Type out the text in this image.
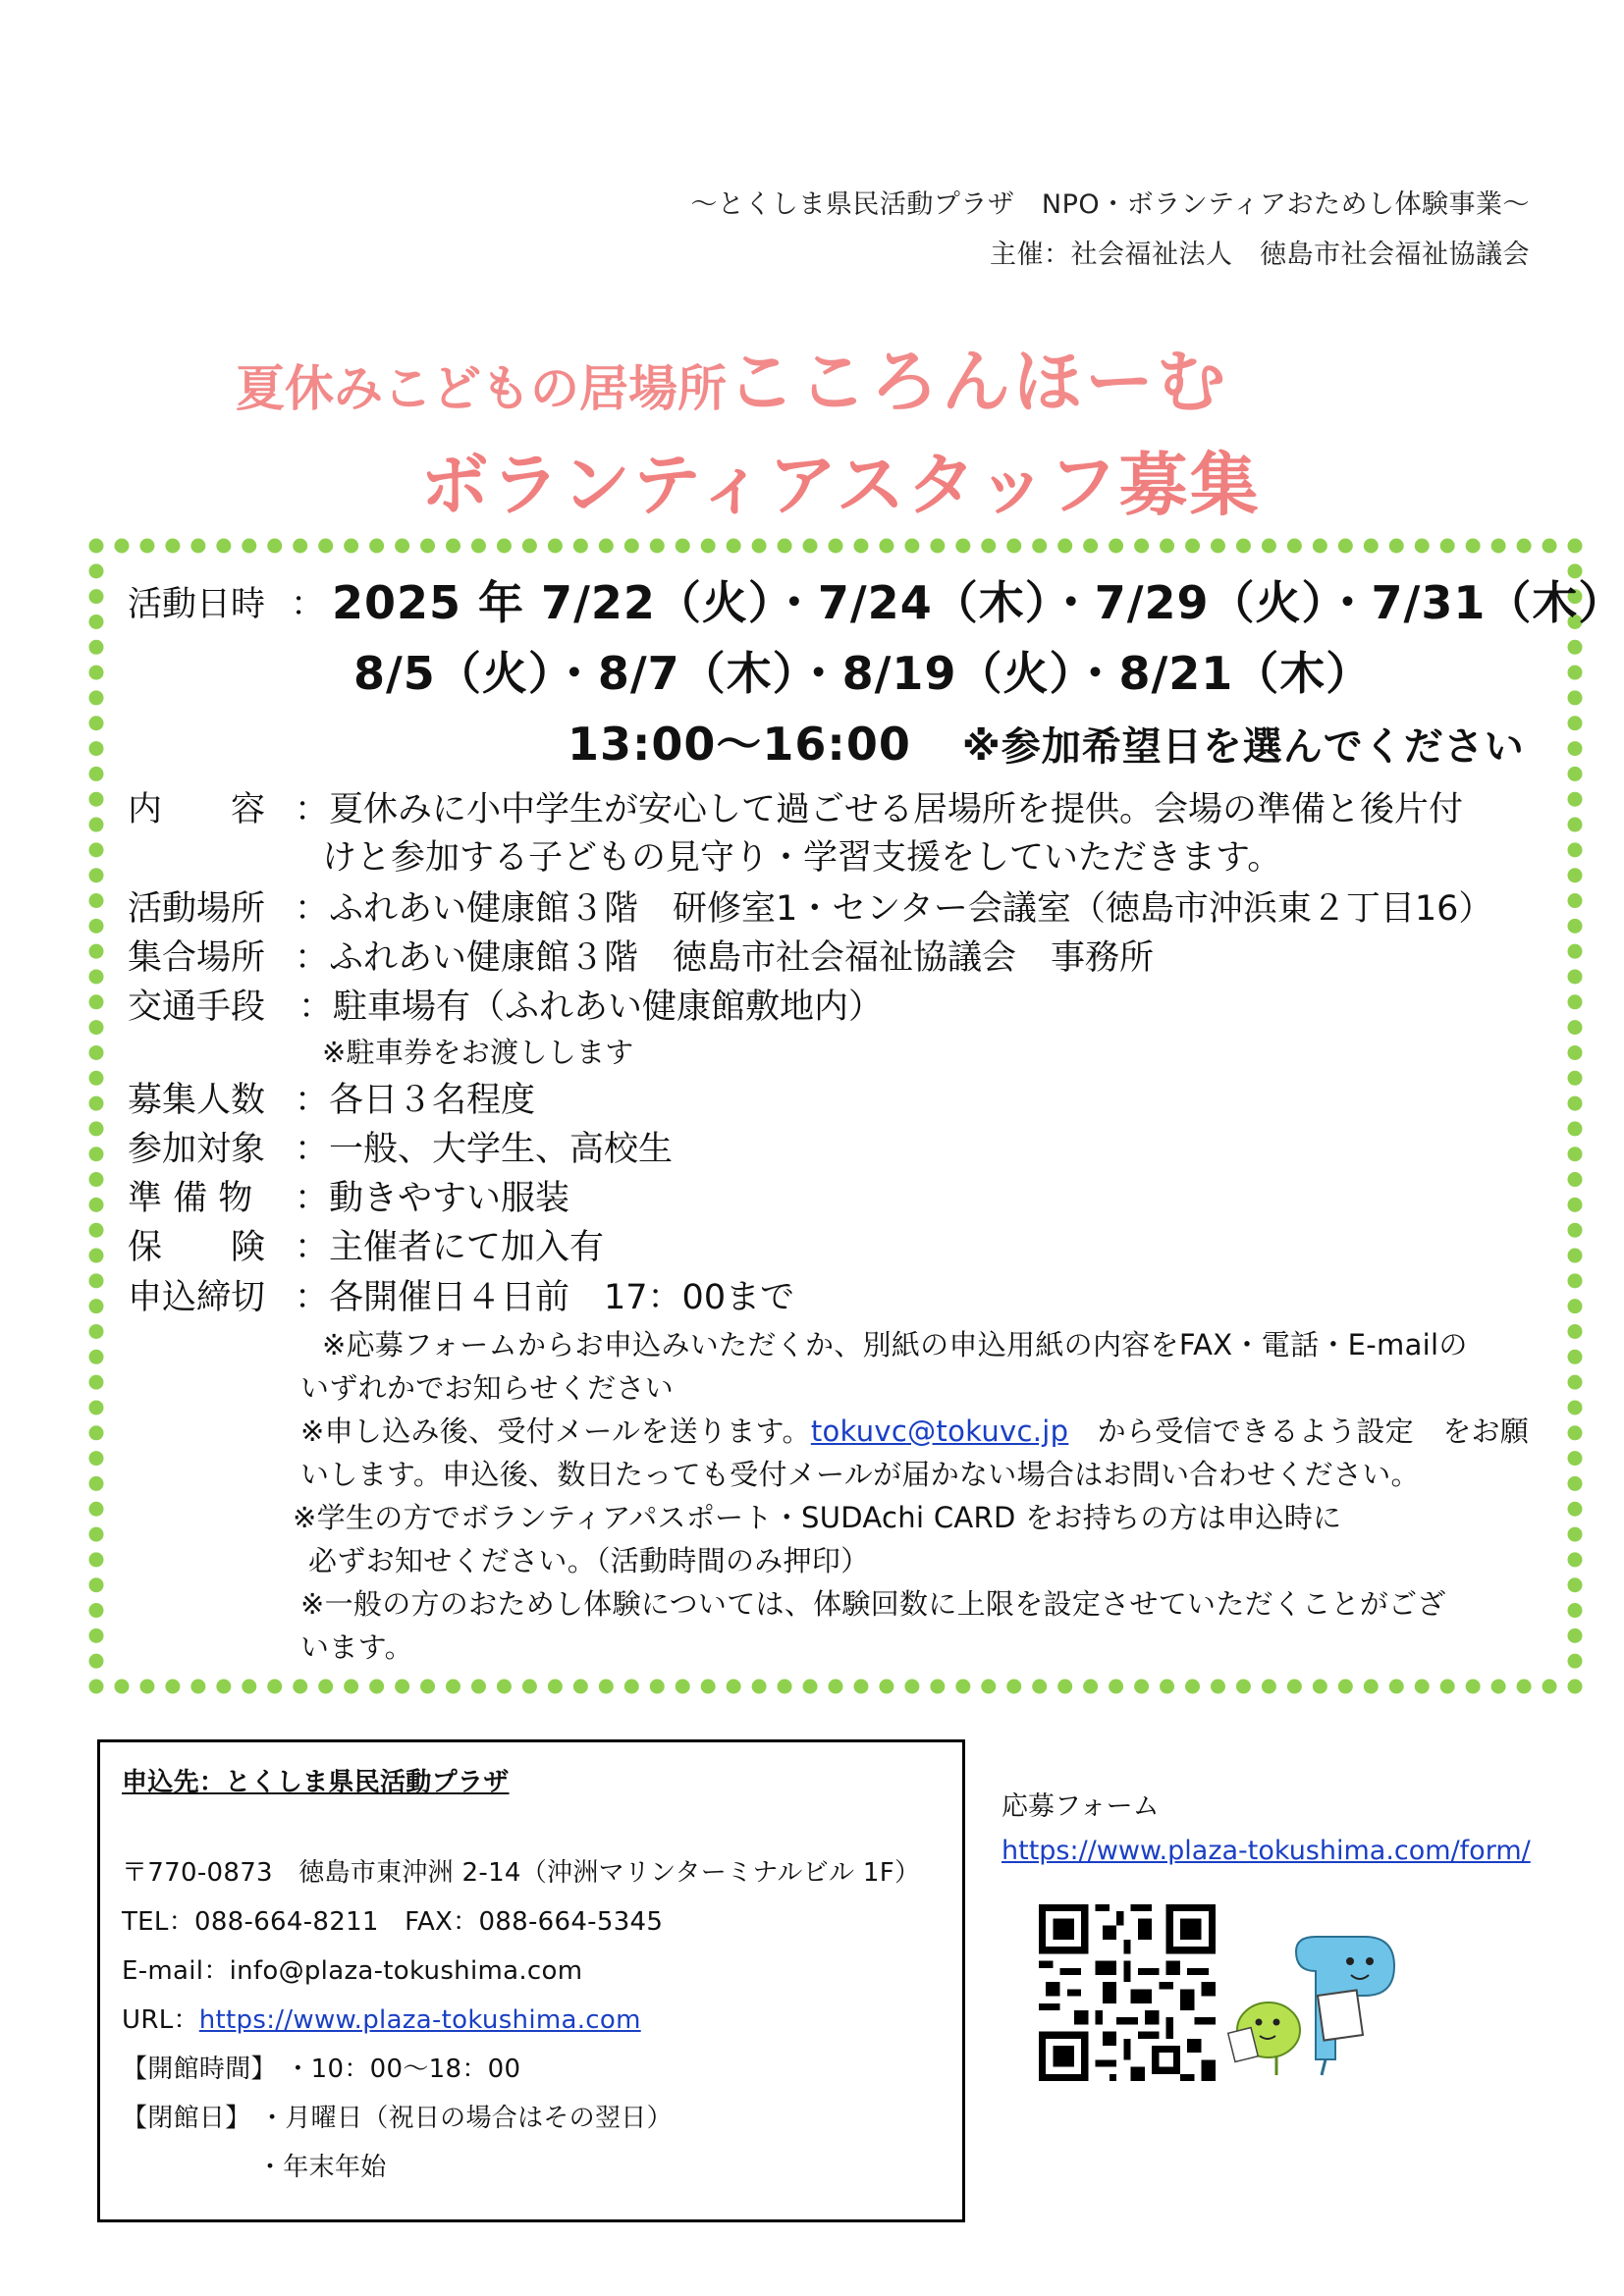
～とくしま県民活動プラザ　NPO・ボランティアおためし体験事業～
主催：社会福祉法人　徳島市社会福祉協議会
夏休みこどもの居場所こころんほーむ
ボランティアスタッフ募集
活動日時 ： 2025 年 7/22（火）・7/24（木）・7/29（火）・7/31（木）
8/5（火）・8/7（木）・8/19（火）・8/21（木）
13:00～16:00 ※参加希望日を選んでください
内　　容 ：夏休みに小中学生が安心して過ごせる居場所を提供。会場の準備と後片付
けと参加する子どもの見守り・学習支援をしていただきます。
活動場所 ：ふれあい健康館３階　研修室1・センター会議室（徳島市沖浜東２丁目16）
集合場所 ：ふれあい健康館３階　徳島市社会福祉協議会　事務所
交通手段 ：駐車場有（ふれあい健康館敷地内）
※駐車券をお渡しします
募集人数 ：各日３名程度
参加対象 ：一般、大学生、高校生
準 備 物 ：動きやすい服装
保　　険 ：主催者にて加入有
申込締切 ：各開催日４日前　17：00まで
※応募フォームからお申込みいただくか、別紙の申込用紙の内容をFAX・電話・E-mailの
いずれかでお知らせください
※申し込み後、受付メールを送ります。tokuvc@tokuvc.jp　から受信できるよう設定　をお願
いします。申込後、数日たっても受付メールが届かない場合はお問い合わせください。
※学生の方でボランティアパスポート・SUDAchi CARD をお持ちの方は申込時に
必ずお知せください。（活動時間のみ押印）
※一般の方のおためし体験については、体験回数に上限を設定させていただくことがござ
います。
申込先：とくしま県民活動プラザ
〒770-0873　徳島市東沖洲 2-14（沖洲マリンターミナルビル 1F）
TEL：088-664-8211　FAX：088-664-5345
E-mail：info@plaza-tokushima.com
URL：https://www.plaza-tokushima.com
【開館時間】 ・10：00～18：00
【閉館日】 ・月曜日（祝日の場合はその翌日）
・年末年始
応募フォーム
https://www.plaza-tokushima.com/form/
